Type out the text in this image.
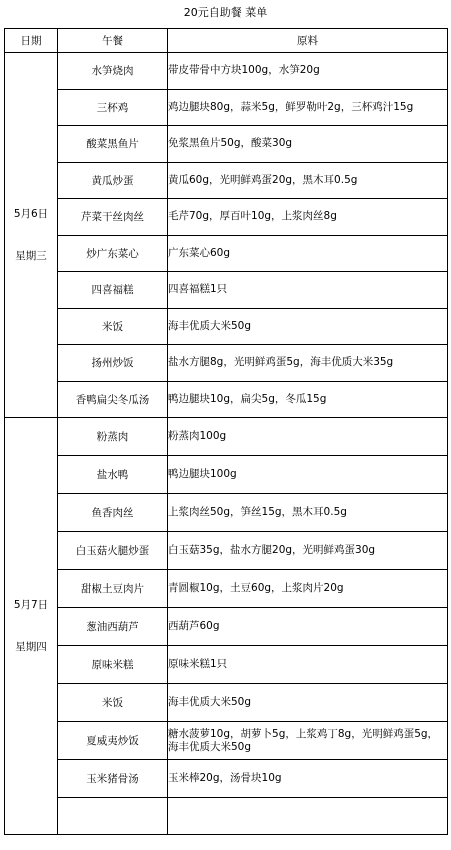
20元自助餐 菜单
日期	午餐	原料

5月6日
星期三	水笋烧肉	带皮带骨中方块100g，水笋20g
	三杯鸡	鸡边腿块80g，蒜米5g，鲜罗勒叶2g，三杯鸡汁15g
	酸菜黑鱼片	免浆黑鱼片50g，酸菜30g
	黄瓜炒蛋	黄瓜60g，光明鲜鸡蛋20g，黑木耳0.5g
	芹菜干丝肉丝	毛芹70g，厚百叶10g，上浆肉丝8g
	炒广东菜心	广东菜心60g
	四喜福糕	四喜福糕1只
	米饭	海丰优质大米50g
	扬州炒饭	盐水方腿8g，光明鲜鸡蛋5g，海丰优质大米35g
	香鸭扁尖冬瓜汤	鸭边腿块10g，扁尖5g，冬瓜15g

5月7日
星期四	粉蒸肉	粉蒸肉100g
	盐水鸭	鸭边腿块100g
	鱼香肉丝	上浆肉丝50g，笋丝15g，黑木耳0.5g
	白玉菇火腿炒蛋	白玉菇35g，盐水方腿20g，光明鲜鸡蛋30g
	甜椒土豆肉片	青圆椒10g，土豆60g，上浆肉片20g
	葱油西葫芦	西葫芦60g
	原味米糕	原味米糕1只
	米饭	海丰优质大米50g
	夏威夷炒饭	糖水菠萝10g，胡萝卜5g，上浆鸡丁8g，光明鲜鸡蛋5g，
海丰优质大米50g

	玉米猪骨汤	玉米棒20g，汤骨块10g
